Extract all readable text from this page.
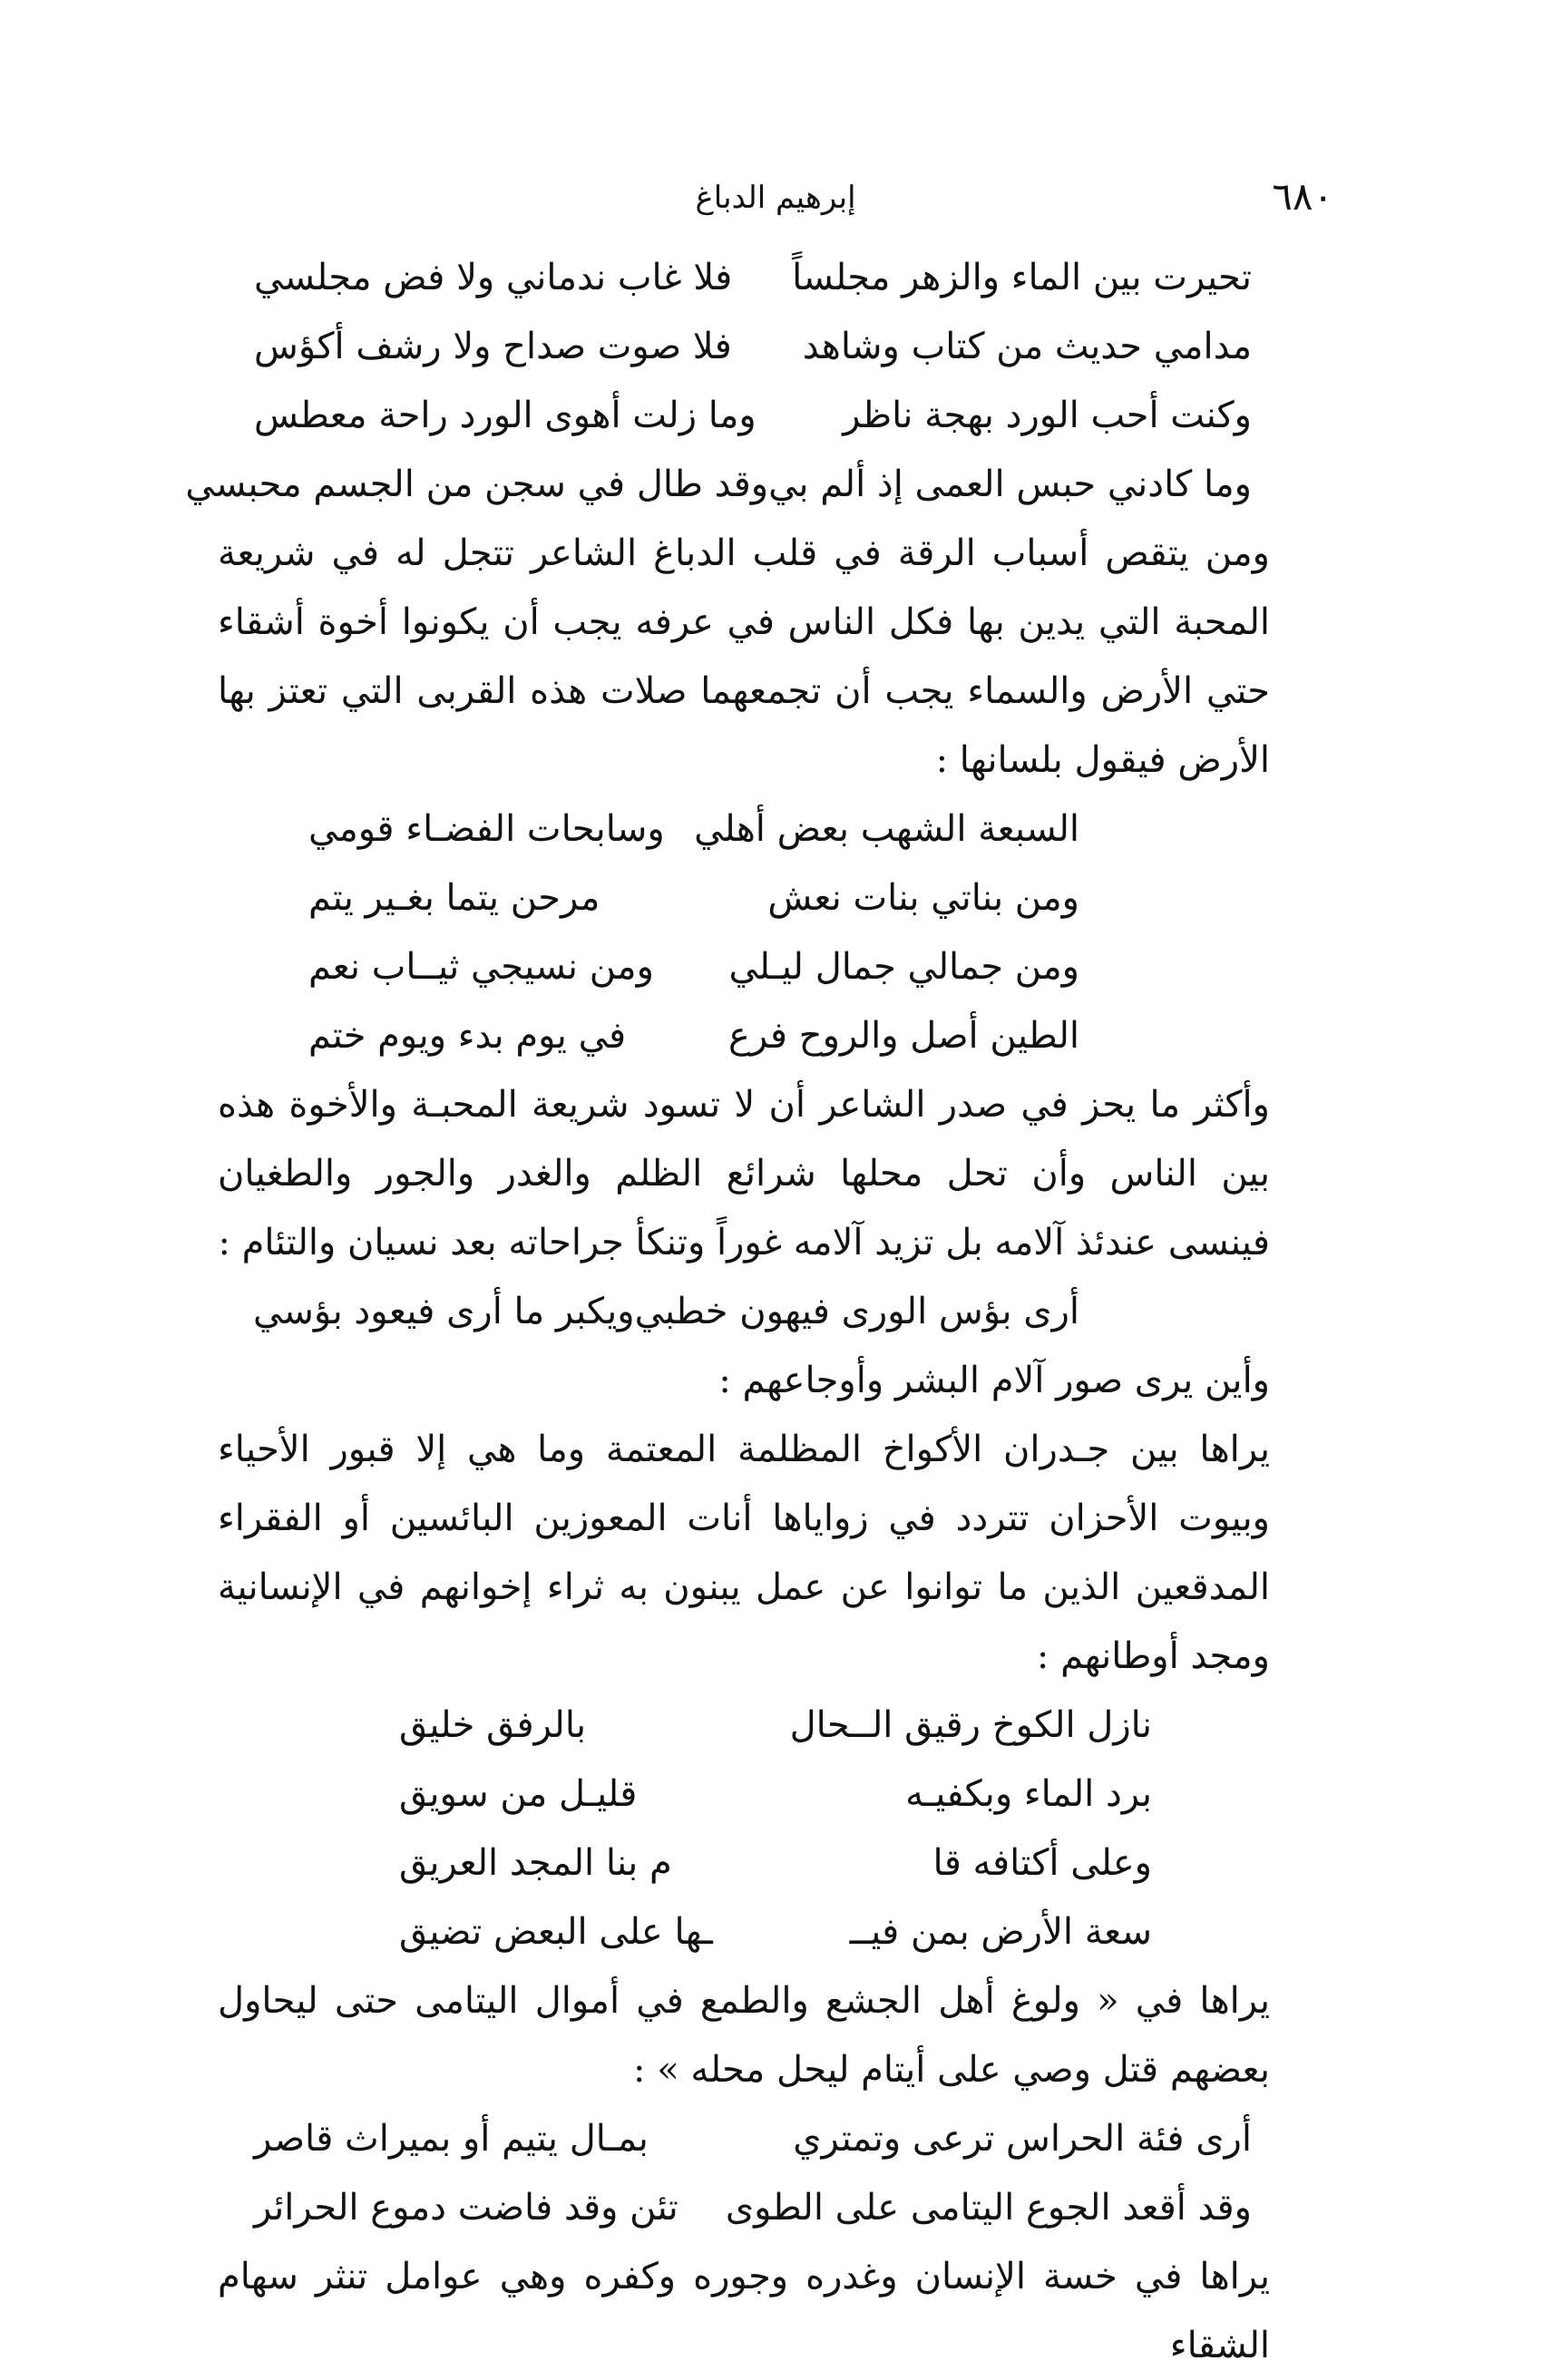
٦٨٠
إبرهيم الدباغ
تحيرت بين الماء والزهر مجلساً
فلا غاب ندماني ولا فض مجلسي
مدامي حديث من كتاب وشاهد
فلا صوت صداح ولا رشف أكؤس
وكنت أحب الورد بهجة ناظر
وما زلت أهوى الورد راحة معطس
وما كادني حبس العمى إذ ألم بي
وقد طال في سجن من الجسم محبسي

ومن يتقص أسباب الرقة في قلب الدباغ الشاعر تتجل له في شريعة المحبة التي يدين بها فكل الناس في عرفه يجب أن يكونوا أخوة أشقاء حتي الأرض والسماء يجب أن تجمعهما صلات هذه القربى التي تعتز بها الأرض فيقول بلسانها :

السبعة الشهب بعض أهلي
وسابحات الفضـاء قومي
ومن بناتي بنات نعش
مرحن يتما بغـير يتم
ومن جمالي جمال ليـلي
ومن نسيجي ثيــاب نعم
الطين أصل والروح فرع
في يوم بدء ويوم ختم

وأكثر ما يحز في صدر الشاعر أن لا تسود شريعة المحبـة والأخوة هذه بين الناس وأن تحل محلها شرائع الظلم والغدر والجور والطغيان فينسى عندئذ آلامه بل تزيد آلامه غوراً وتنكأ جراحاته بعد نسيان والتئام :

أرى بؤس الورى فيهون خطبي
ويكبر ما أرى فيعود بؤسي

وأين يرى صور آلام البشر وأوجاعهم :

يراها بين جـدران الأكواخ المظلمة المعتمة وما هي إلا قبور الأحياء وبيوت الأحزان تتردد في زواياها أنات المعوزين البائسين أو الفقراء المدقعين الذين ما توانوا عن عمل يبنون به ثراء إخوانهم في الإنسانية ومجد أوطانهم :

نازل الكوخ رقيق الــحال
بالرفق خليق
برد الماء وبكفيـه
قليـل من سويق
وعلى أكتافه قا
م بنا المجد العريق
سعة الأرض بمن فيــ
ـها على البعض تضيق

يراها في « ولوغ أهل الجشع والطمع في أموال اليتامى حتى ليحاول بعضهم قتل وصي على أيتام ليحل محله » :

أرى فئة الحراس ترعى وتمتري
بمـال يتيم أو بميراث قاصر
وقد أقعد الجوع اليتامى على الطوى
تئن وقد فاضت دموع الحرائر

يراها في خسة الإنسان وغدره وجوره وكفره وهي عوامل تنثر سهام الشقاء
